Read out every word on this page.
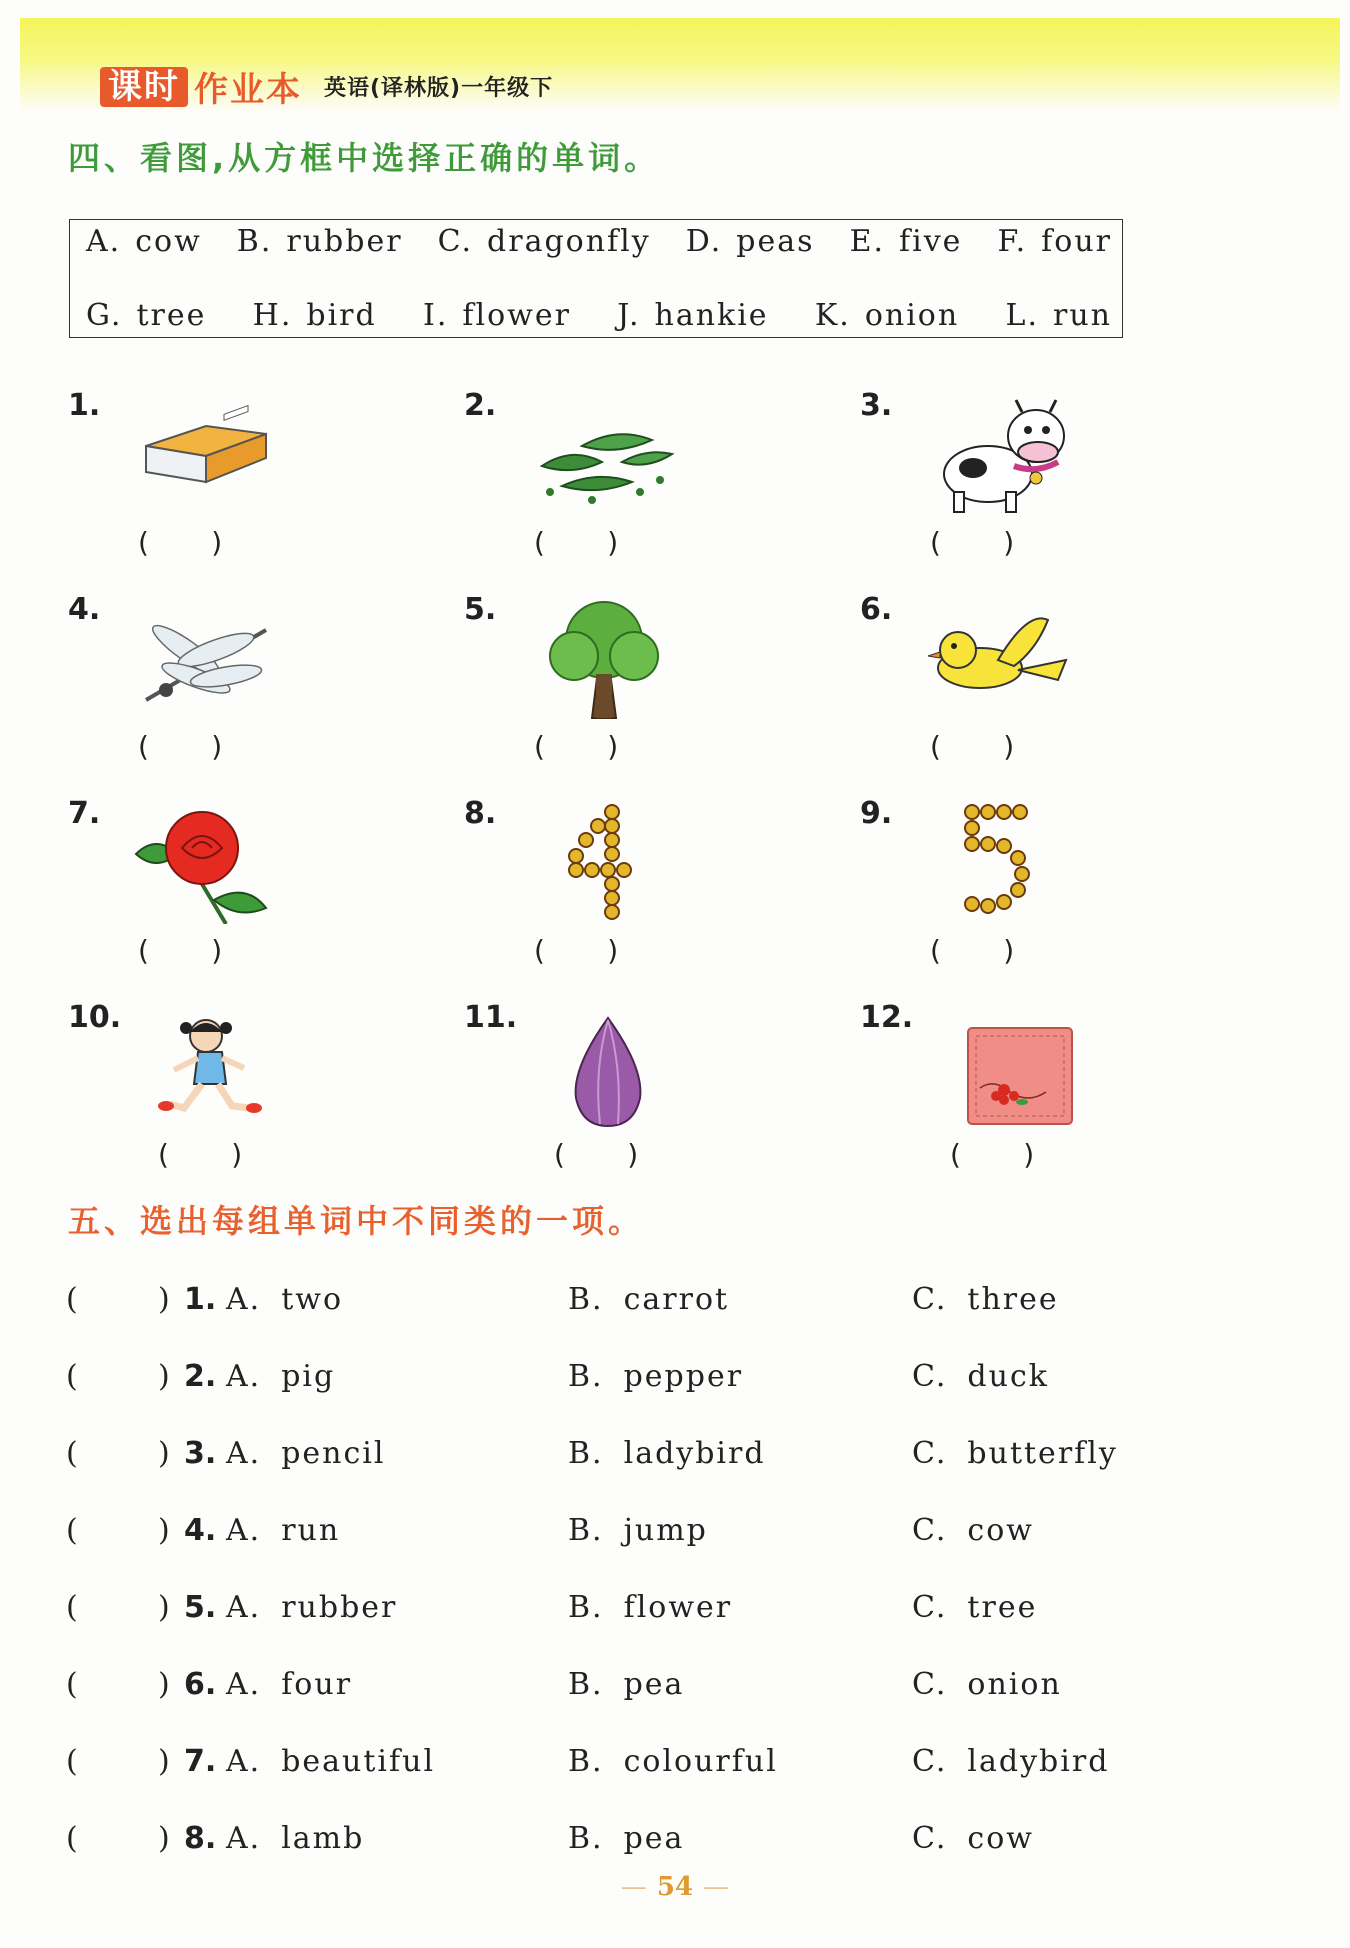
课时 作业本 英语(译林版)一年级下
四、看图,从方框中选择正确的单词。
A. cow B. rubber C. dragonfly D. peas E. five F. four
G. tree H. bird I. flower J. hankie K. onion L. run
1.
(       )
2.
(       )
3.
(       )
4.
(       )
5.
(       )
6.
(       )
7.
(       )
8.
(       )
9.
(       )
10.
(       )
11.
(       )
12.
(       )
五、选出每组单词中不同类的一项。
(	) 1. A. two	B. carrot	C. three
(	) 2. A. pig	B. pepper	C. duck
(	) 3. A. pencil	B. ladybird	C. butterfly
(	) 4. A. run	B. jump	C. cow
(	) 5. A. rubber	B. flower	C. tree
(	) 6. A. four	B. pea	C. onion
(	) 7. A. beautiful	B. colourful	C. ladybird
(	) 8. A. lamb	B. pea	C. cow
— 54 —
